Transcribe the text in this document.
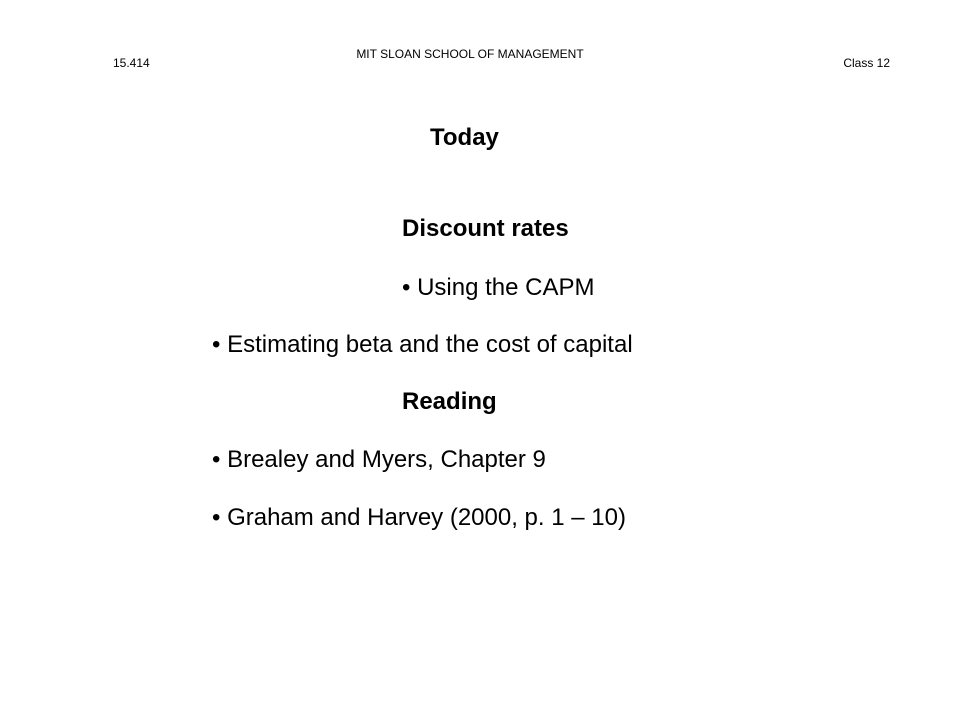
MIT SLOAN SCHOOL OF MANAGEMENT
15.414	Class 12
Today
Discount rates
• Using the CAPM
• Estimating beta and the cost of capital
Reading
• Brealey and Myers, Chapter 9
• Graham and Harvey (2000, p. 1 – 10)
